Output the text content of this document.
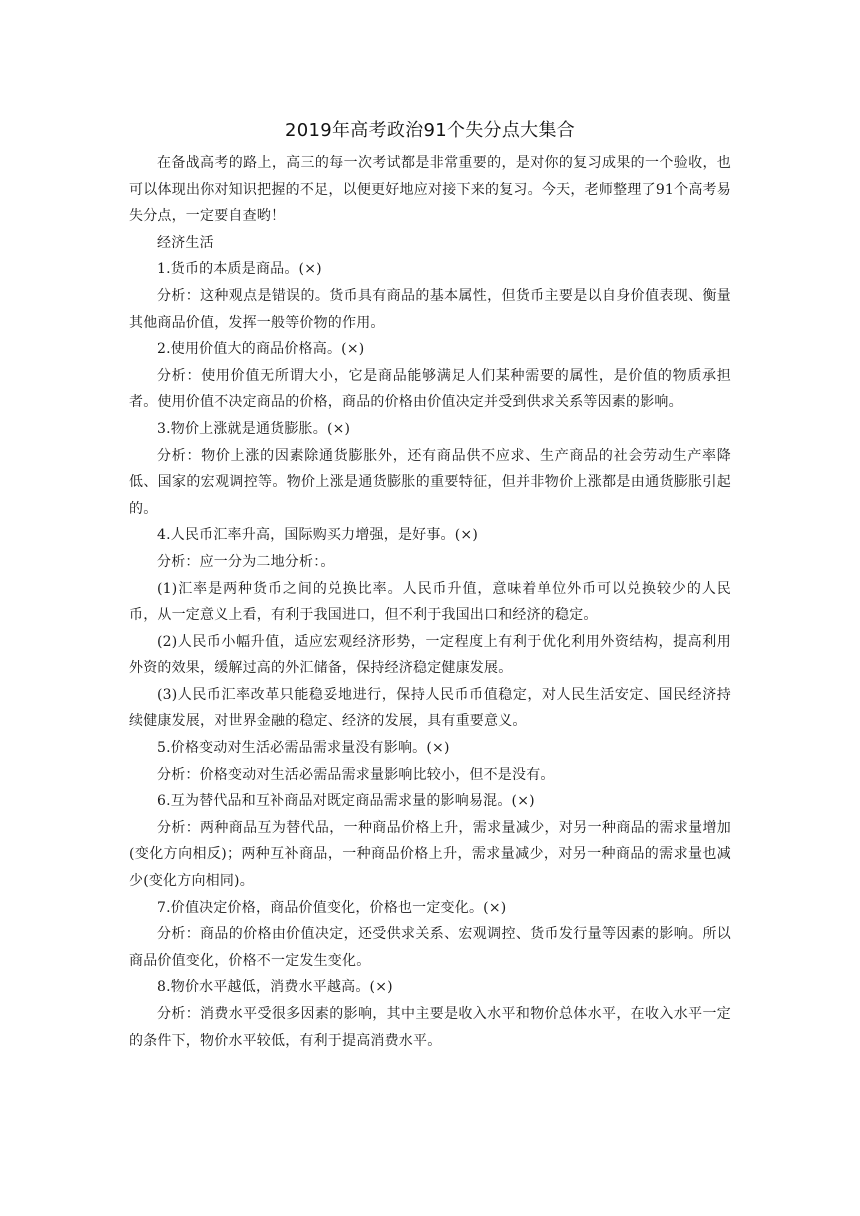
2019年高考政治91个失分点大集合

在备战高考的路上，高三的每一次考试都是非常重要的，是对你的复习成果的一个验收，也可以体现出你对知识把握的不足，以便更好地应对接下来的复习。今天，老师整理了91个高考易失分点，一定要自查哟！

经济生活

1.货币的本质是商品。(×)

分析：这种观点是错误的。货币具有商品的基本属性，但货币主要是以自身价值表现、衡量其他商品价值，发挥一般等价物的作用。

2.使用价值大的商品价格高。(×)

分析：使用价值无所谓大小，它是商品能够满足人们某种需要的属性，是价值的物质承担者。使用价值不决定商品的价格，商品的价格由价值决定并受到供求关系等因素的影响。

3.物价上涨就是通货膨胀。(×)

分析：物价上涨的因素除通货膨胀外，还有商品供不应求、生产商品的社会劳动生产率降低、国家的宏观调控等。物价上涨是通货膨胀的重要特征，但并非物价上涨都是由通货膨胀引起的。

4.人民币汇率升高，国际购买力增强，是好事。(×)

分析：应一分为二地分析：。

(1)汇率是两种货币之间的兑换比率。人民币升值，意味着单位外币可以兑换较少的人民币，从一定意义上看，有利于我国进口，但不利于我国出口和经济的稳定。

(2)人民币小幅升值，适应宏观经济形势，一定程度上有利于优化利用外资结构，提高利用外资的效果，缓解过高的外汇储备，保持经济稳定健康发展。

(3)人民币汇率改革只能稳妥地进行，保持人民币币值稳定，对人民生活安定、国民经济持续健康发展，对世界金融的稳定、经济的发展，具有重要意义。

5.价格变动对生活必需品需求量没有影响。(×)

分析：价格变动对生活必需品需求量影响比较小，但不是没有。

6.互为替代品和互补商品对既定商品需求量的影响易混。(×)

分析：两种商品互为替代品，一种商品价格上升，需求量减少，对另一种商品的需求量增加(变化方向相反)；两种互补商品，一种商品价格上升，需求量减少，对另一种商品的需求量也减少(变化方向相同)。

7.价值决定价格，商品价值变化，价格也一定变化。(×)

分析：商品的价格由价值决定，还受供求关系、宏观调控、货币发行量等因素的影响。所以商品价值变化，价格不一定发生变化。

8.物价水平越低，消费水平越高。(×)

分析：消费水平受很多因素的影响，其中主要是收入水平和物价总体水平，在收入水平一定的条件下，物价水平较低，有利于提高消费水平。
